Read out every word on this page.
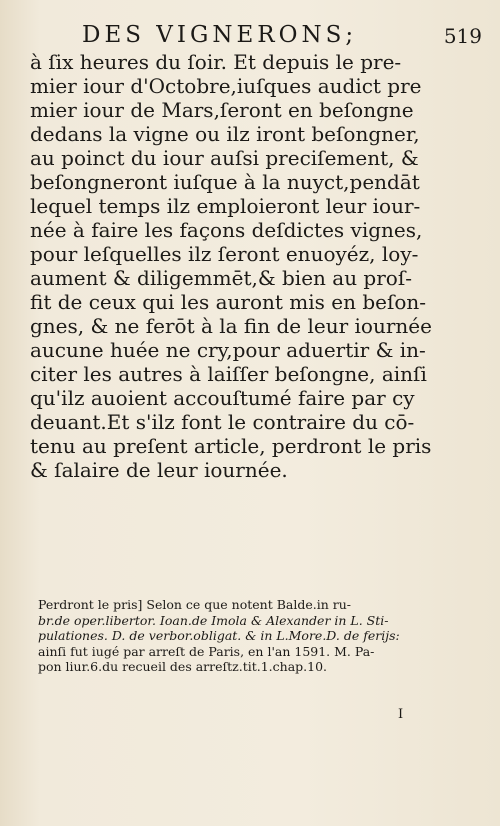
DES VIGNERONS;	519
à ſix heures du ſoir. Et depuis le pre-
mier iour d'Octobre,iuſques audict pre
mier iour de Mars,ſeront en beſongne
dedans la vigne ou ilz iront beſongner,
au poinct du iour auſsi preciſement, &
beſongneront iuſque à la nuyct,pendāt
lequel temps ilz emploieront leur iour-
née à faire les façons deſdictes vignes,
pour leſquelles ilz ſeront enuoyéz, loy-
aument & diligemmēt,& bien au proſ-
fit de ceux qui les auront mis en beſon-
gnes, & ne ferōt à la fin de leur iournée
aucune huée ne cry,pour aduertir & in-
citer les autres à laiſſer beſongne, ainſi
qu'ilz auoient accouſtumé faire par cy
deuant.Et s'ilz font le contraire du cō-
tenu au preſent article, perdront le pris
& ſalaire de leur iournée.
Perdront le pris] Selon ce que notent Balde.in ru-
br.de oper.libertor. Ioan.de Imola & Alexander in L. Sti-
pulationes. D. de verbor.obligat. & in L.More.D. de ferijs:
ainſi fut iugé par arreſt de Paris, en l'an 1591. M. Pa-
pon liur.6.du recueil des arreſtz.tit.1.chap.10.
I
